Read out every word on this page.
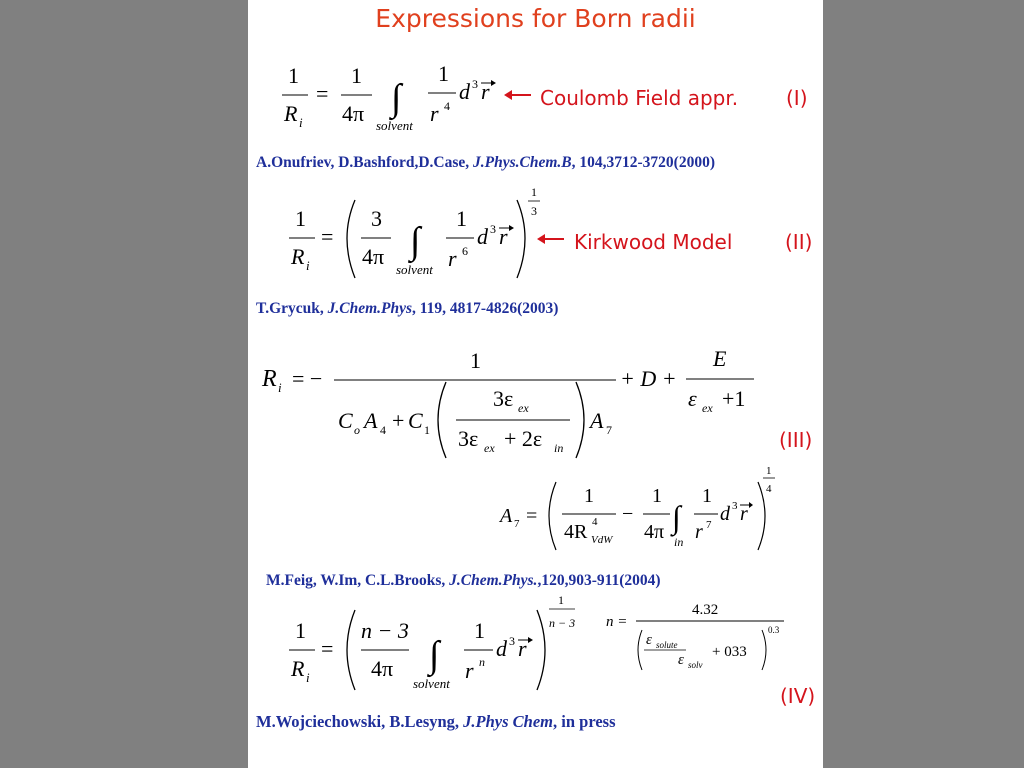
Expressions for Born radii
1
R i
=
1
4π ∫
solvent
1
r 4
d 3 r	Coulomb Field appr. (I)
A.Onufriev, D.Bashford,D.Case, J.Phys.Chem.B, 104,3712-3720(2000)
1
R i
=
3
4π ∫
solvent
1
r 6
d 3 r
1
3
Kirkwood Model	(II)
T.Grycuk, J.Chem.Phys, 119, 4817-4826(2003)
R i = −
1
C o A 4 + C 1
3ε ex
3ε ex + 2ε in
A 7
+ D +
E
ε ex +1
(III)
A 7 =
1
4R 4
VdW
−
1
4π ∫
in
1
r 7 d 3 r
1
4
M.Feig, W.Im, C.L.Brooks, J.Chem.Phys.,120,903-911(2004)
1
R i
=
n − 3
4π ∫
solvent
1
r n
d 3 r
1
n − 3 n =
4.32
ε solute
ε solv
+ 033
0.3
(IV)
M.Wojciechowski, B.Lesyng, J.Phys Chem, in press
